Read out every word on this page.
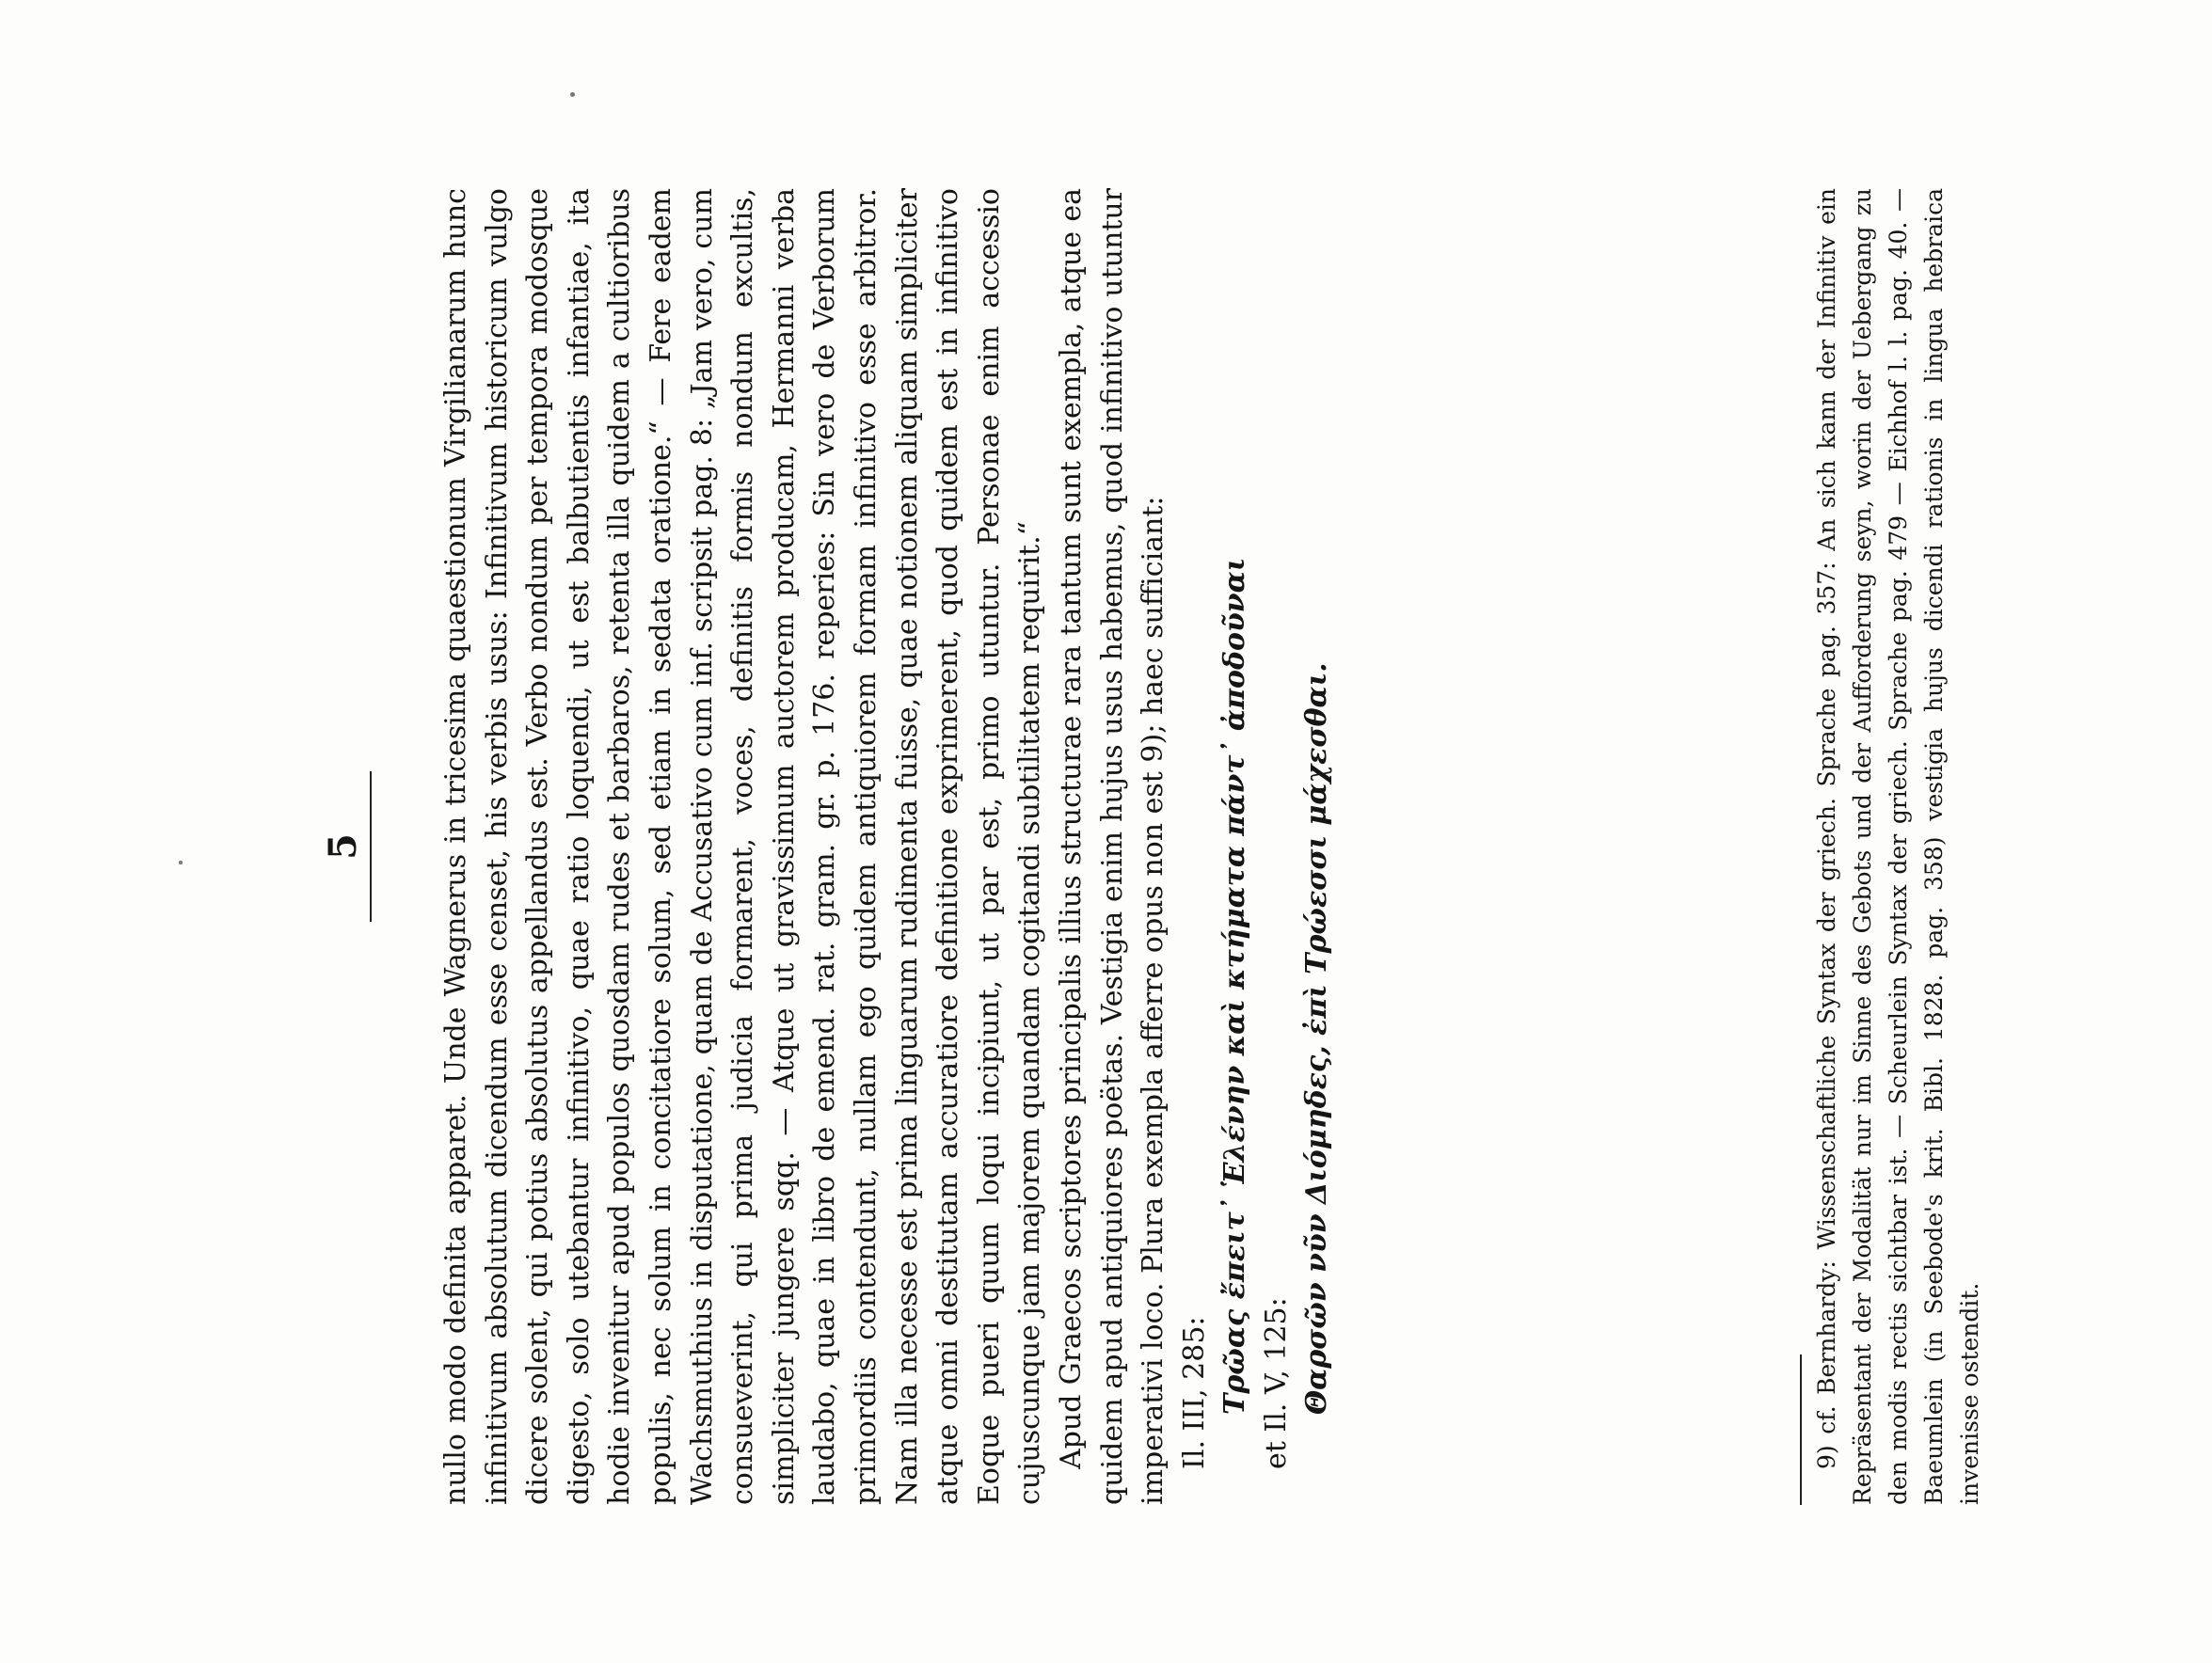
5	nullo modo definita apparet. Unde Wagnerus in tricesima quaestionum Virgilianarum hunc infinitivum absolutum dicendum esse censet, his verbis usus: Infinitivum historicum vulgo dicere solent, qui potius absolutus appellandus est. Verbo nondum per tempora modosque digesto, solo utebantur infinitivo, quae ratio loquendi, ut est balbutientis infantiae, ita hodie invenitur apud populos quosdam rudes et barbaros, retenta illa quidem a cultioribus populis, nec solum in concitatiore solum, sed etiam in sedata oratione.“ — Fere eadem Wachsmuthius in disputatione, quam de Accusativo cum inf. scripsit pag. 8: „Jam vero, cum consueverint, qui prima judicia formarent, voces, definitis formis nondum excultis, simpliciter jungere sqq. — Atque ut gravissimum auctorem producam, Hermanni verba laudabo, quae in libro de emend. rat. gram. gr. p. 176. reperies: Sin vero de Verborum primordiis contendunt, nullam ego quidem antiquiorem formam infinitivo esse arbitror. Nam illa necesse est prima linguarum rudimenta fuisse, quae notionem aliquam simpliciter atque omni destitutam accuratiore definitione exprimerent, quod quidem est in infinitivo Eoque pueri quum loqui incipiunt, ut par est, primo utuntur. Personae enim accessio cujuscunque jam majorem quandam cogitandi subtilitatem requirit.“ Apud Graecos scriptores principalis illius structurae rara tantum sunt exempla, atque ea quidem apud antiquiores poëtas. Vestigia enim hujus usus habemus, quod infinitivo utuntur imperativi loco. Plura exempla afferre opus non est 9); haec sufficiant: Il. III, 285: Τρῶας ἔπειτ᾽ Ἑλένην καὶ κτήματα πάντ᾽ ἀποδοῦναι et Il. V, 125: Θαρσῶν νῦν Διόμηδες, ἐπὶ Τρώεσσι μάχεσθαι.	9) cf. Bernhardy: Wissenschaftliche Syntax der griech. Sprache pag. 357: An sich kann der Infinitiv ein Repräsentant der Modalität nur im Sinne des Gebots und der Aufforderung seyn, worin der Uebergang zu den modis rectis sichtbar ist. — Scheurlein Syntax der griech. Sprache pag. 479 — Eichhof l. l. pag. 40. — Baeumlein (in Seebode's krit. Bibl. 1828. pag. 358) vestigia hujus dicendi rationis in lingua hebraica invenisse ostendit.
